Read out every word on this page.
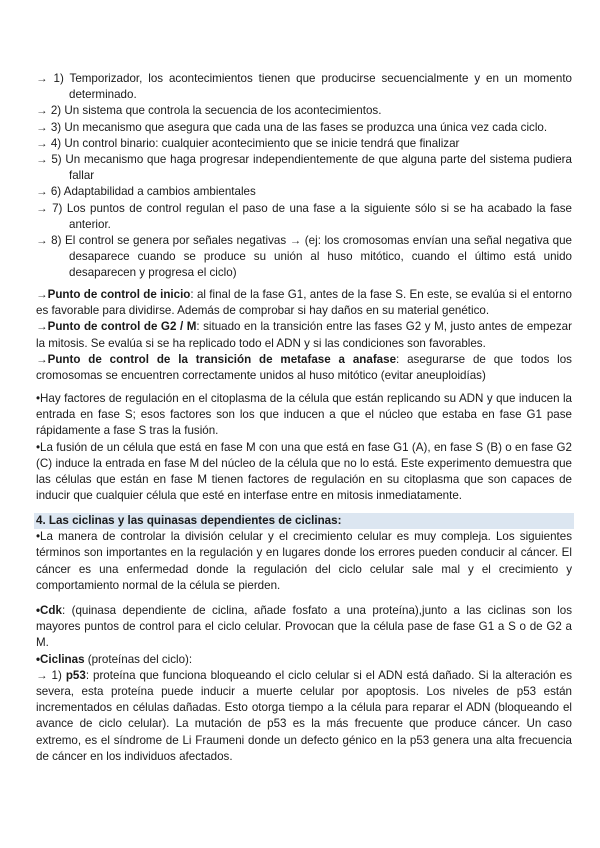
→ 1) Temporizador, los acontecimientos tienen que producirse secuencialmente y en un momento determinado.
→ 2) Un sistema que controla la secuencia de los acontecimientos.
→ 3) Un mecanismo que asegura que cada una de las fases se produzca una única vez cada ciclo.
→ 4) Un control binario: cualquier acontecimiento que se inicie tendrá que finalizar
→ 5) Un mecanismo que haga progresar independientemente de que alguna parte del sistema pudiera fallar
→ 6) Adaptabilidad a cambios ambientales
→ 7) Los puntos de control regulan el paso de una fase a la siguiente sólo si se ha acabado la fase anterior.
→ 8) El control se genera por señales negativas → (ej: los cromosomas envían una señal negativa que desaparece cuando se produce su unión al huso mitótico, cuando el último está unido desaparecen y progresa el ciclo)

→Punto de control de inicio: al final de la fase G1, antes de la fase S. En este, se evalúa si el entorno es favorable para dividirse. Además de comprobar si hay daños en su material genético.

→Punto de control de G2 / M: situado en la transición entre las fases G2 y M, justo antes de empezar la mitosis. Se evalúa si se ha replicado todo el ADN y si las condiciones son favorables.

→Punto de control de la transición de metafase a anafase: asegurarse de que todos los cromosomas se encuentren correctamente unidos al huso mitótico (evitar aneuploidías)

•Hay factores de regulación en el citoplasma de la célula que están replicando su ADN y que inducen la entrada en fase S; esos factores son los que inducen a que el núcleo que estaba en fase G1 pase rápidamente a fase S tras la fusión.

•La fusión de un célula que está en fase M con una que está en fase G1 (A), en fase S (B) o en fase G2 (C) induce la entrada en fase M del núcleo de la célula que no lo está. Este experimento demuestra que las células que están en fase M tienen factores de regulación en su citoplasma que son capaces de inducir que cualquier célula que esté en interfase entre en mitosis inmediatamente.

4. Las ciclinas y las quinasas dependientes de ciclinas:

•La manera de controlar la división celular y el crecimiento celular es muy compleja. Los siguientes términos son importantes en la regulación y en lugares donde los errores pueden conducir al cáncer. El cáncer es una enfermedad donde la regulación del ciclo celular sale mal y el crecimiento y comportamiento normal de la célula se pierden.

•Cdk: (quinasa dependiente de ciclina, añade fosfato a una proteína),junto a las ciclinas son los mayores puntos de control para el ciclo celular. Provocan que la célula pase de fase G1 a S o de G2 a M.

•Ciclinas (proteínas del ciclo):

→ 1) p53: proteína que funciona bloqueando el ciclo celular si el ADN está dañado. Si la alteración es severa, esta proteína puede inducir a muerte celular por apoptosis. Los niveles de p53 están incrementados en células dañadas. Esto otorga tiempo a la célula para reparar el ADN (bloqueando el avance de ciclo celular). La mutación de p53 es la más frecuente que produce cáncer. Un caso extremo, es el síndrome de Li Fraumeni donde un defecto génico en la p53 genera una alta frecuencia de cáncer en los individuos afectados.
